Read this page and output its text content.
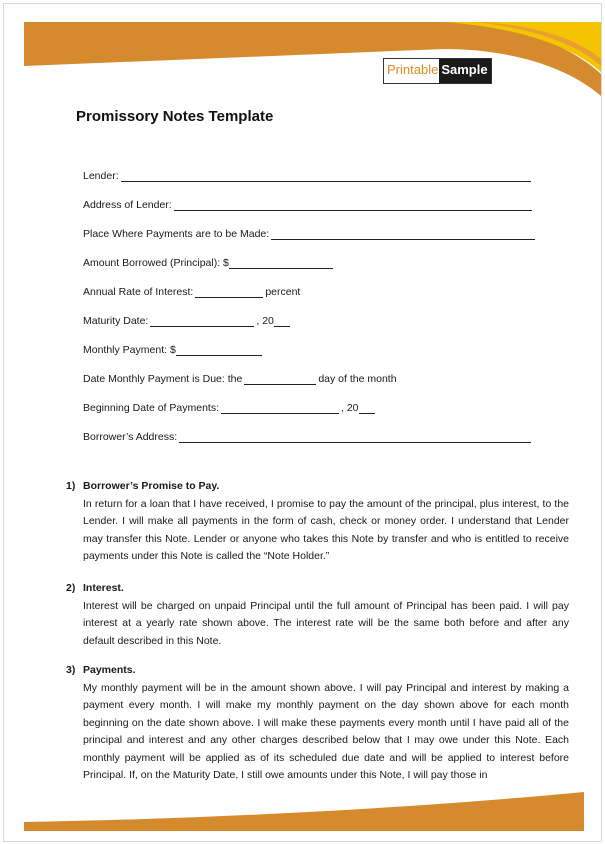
Printable Sample
Promissory Notes Template
Lender:
Address of Lender:
Place Where Payments are to be Made:
Amount Borrowed (Principal): $
Annual Rate of Interest:	percent
Maturity Date:	, 20
Monthly Payment: $
Date Monthly Payment is Due: the	day of the month
Beginning Date of Payments:	, 20
Borrower’s Address:
1) Borrower’s Promise to Pay.
In return for a loan that I have received, I promise to pay the amount of the principal, plus interest, to the Lender. I will make all payments in the form of cash, check or money order. I understand that Lender may transfer this Note. Lender or anyone who takes this Note by transfer and who is entitled to receive payments under this Note is called the “Note Holder.”
2) Interest.
Interest will be charged on unpaid Principal until the full amount of Principal has been paid. I will pay interest at a yearly rate shown above. The interest rate will be the same both before and after any default described in this Note.
3) Payments.
My monthly payment will be in the amount shown above. I will pay Principal and interest by making a payment every month. I will make my monthly payment on the day shown above for each month beginning on the date shown above. I will make these payments every month until I have paid all of the principal and interest and any other charges described below that I may owe under this Note. Each monthly payment will be applied as of its scheduled due date and will be applied to interest before Principal. If, on the Maturity Date, I still owe amounts under this Note, I will pay those in
